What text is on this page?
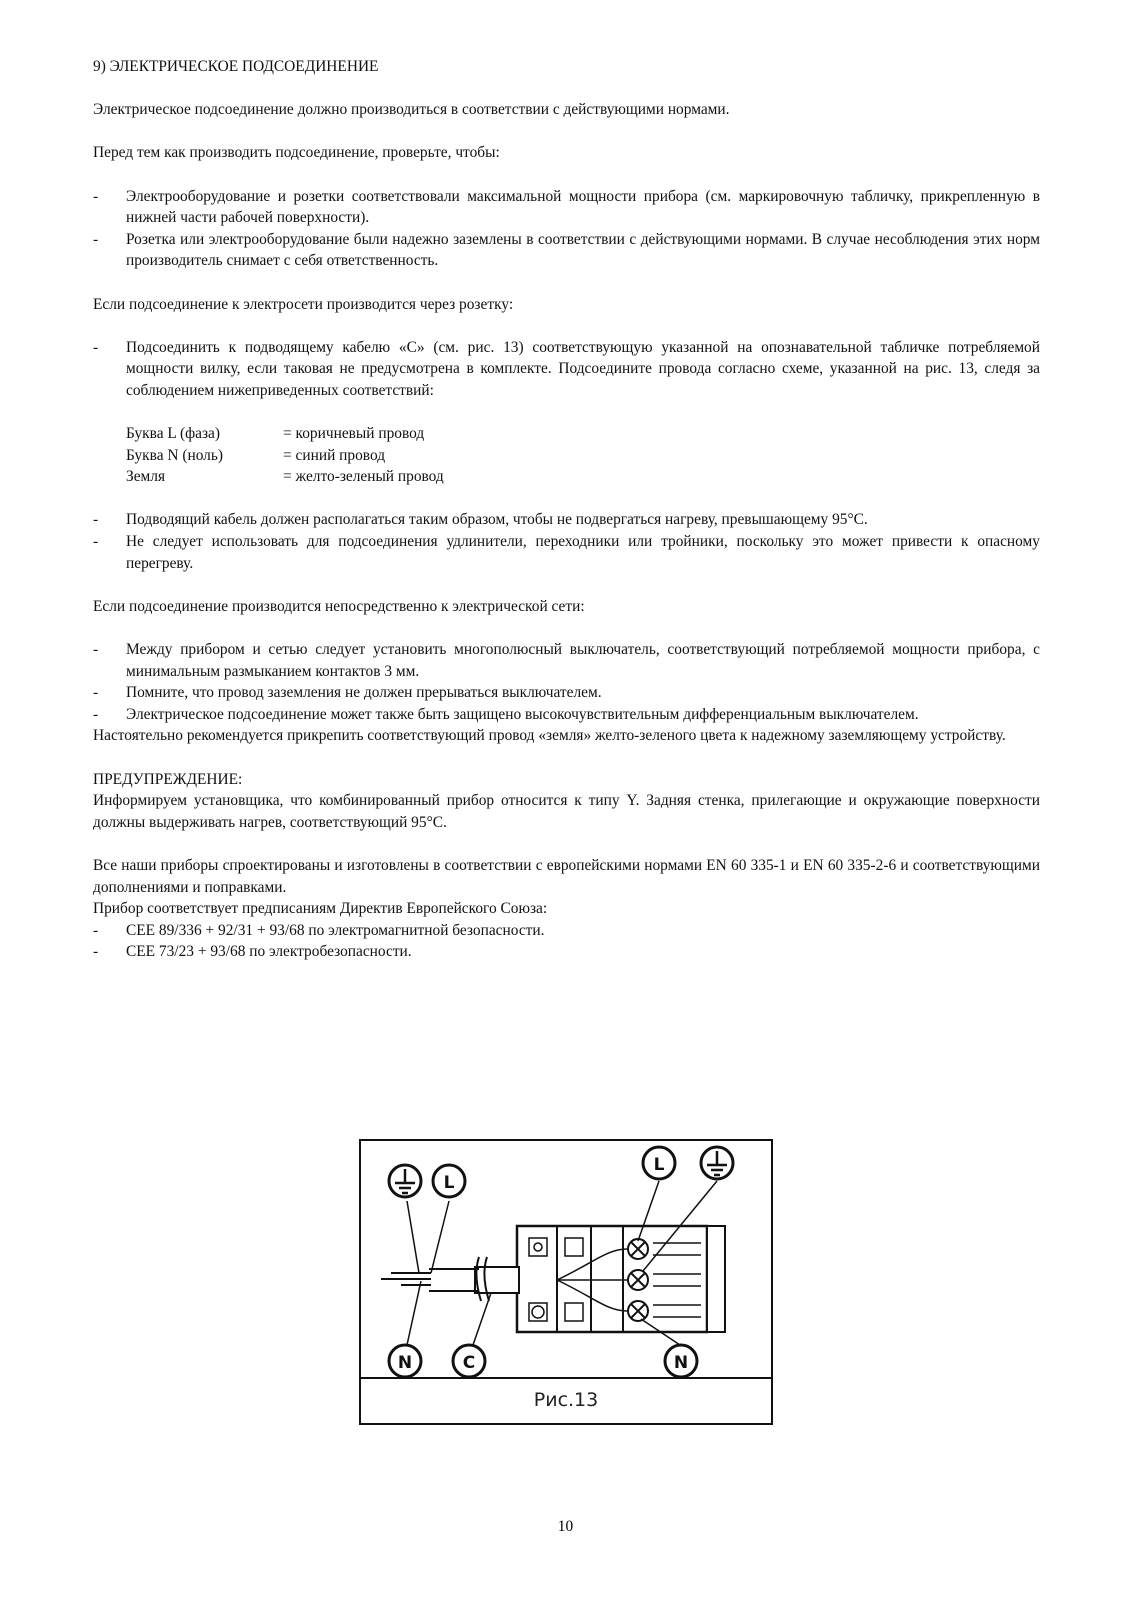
9) ЭЛЕКТРИЧЕСКОЕ ПОДСОЕДИНЕНИЕ

Электрическое подсоединение должно производиться в соответствии с действующими нормами.

Перед тем как производить подсоединение, проверьте, чтобы:

-	Электрооборудование и розетки соответствовали максимальной мощности прибора (см. маркировочную табличку, прикрепленную в нижней части рабочей поверхности).
-	Розетка или электрооборудование были надежно заземлены в соответствии с действующими нормами. В случае несоблюдения этих норм производитель снимает с себя ответственность.

Если подсоединение к электросети производится через розетку:

-	Подсоединить к подводящему кабелю «C» (см. рис. 13) соответствующую указанной на опознавательной табличке потребляемой мощности вилку, если таковая не предусмотрена в комплекте. Подсоедините провода согласно схеме, указанной на рис. 13, следя за соблюдением нижеприведенных соответствий:
Буква L (фаза)	= коричневый провод
Буква N (ноль)	= синий провод
Земля	= желто-зеленый провод
-	Подводящий кабель должен располагаться таким образом, чтобы не подвергаться нагреву, превышающему 95°C.
-	Не следует использовать для подсоединения удлинители, переходники или тройники, поскольку это может привести к опасному перегреву.

Если подсоединение производится непосредственно к электрической сети:

-	Между прибором и сетью следует установить многополюсный выключатель, соответствующий потребляемой мощности прибора, с минимальным размыканием контактов 3 мм.
-	Помните, что провод заземления не должен прерываться выключателем.
-	Электрическое подсоединение может также быть защищено высокочувствительным дифференциальным выключателем.

Настоятельно рекомендуется прикрепить соответствующий провод «земля» желто-зеленого цвета к надежному заземляющему устройству.

ПРЕДУПРЕЖДЕНИЕ:

Информируем установщика, что комбинированный прибор относится к типу Y. Задняя стенка, прилегающие и окружающие поверхности должны выдерживать нагрев, соответствующий 95°C.

Все наши приборы спроектированы и изготовлены в соответствии с европейскими нормами EN 60 335-1 и EN 60 335-2-6 и соответствующими дополнениями и поправками.

Прибор соответствует предписаниям Директив Европейского Союза:

-	CEE 89/336 + 92/31 + 93/68 по электромагнитной безопасности.
-	CEE 73/23 + 93/68 по электробезопасности.
L
L
N	C	N
Рис.13
10
